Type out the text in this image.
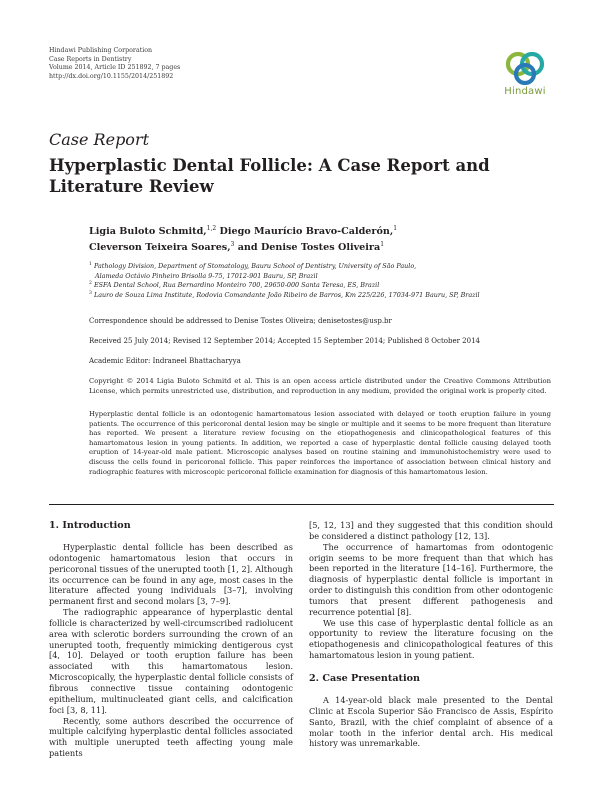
Hindawi Publishing Corporation
Case Reports in Dentistry
Volume 2014, Article ID 251892, 7 pages
http://dx.doi.org/10.1155/2014/251892
Hindawi
Case Report
Hyperplastic Dental Follicle: A Case Report and
Literature Review
Ligia Buloto Schmitd,$^{1,2}$ Diego Maurício Bravo-Calderón,$^1$
Cleverson Teixeira Soares,$^3$ and Denise Tostes Oliveira$^1$
$^1$ Pathology Division, Department of Stomatology, Bauru School of Dentistry, University of São Paulo,
Alameda Octávio Pinheiro Brisolla 9-75, 17012-901 Bauru, SP, Brazil
$^2$ ESFA Dental School, Rua Bernardino Monteiro 700, 29650-000 Santa Teresa, ES, Brazil
$^3$ Lauro de Souza Lima Institute, Rodovia Comandante João Ribeiro de Barros, Km 225/226, 17034-971 Bauru, SP, Brazil
Correspondence should be addressed to Denise Tostes Oliveira; denisetostes@usp.br
Received 25 July 2014; Revised 12 September 2014; Accepted 15 September 2014; Published 8 October 2014
Academic Editor: Indraneel Bhattacharyya
Copyright © 2014 Ligia Buloto Schmitd et al. This is an open access article distributed under the Creative Commons Attribution License, which permits unrestricted use, distribution, and reproduction in any medium, provided the original work is properly cited.
Hyperplastic dental follicle is an odontogenic hamartomatous lesion associated with delayed or tooth eruption failure in young patients. The occurrence of this pericoronal dental lesion may be single or multiple and it seems to be more frequent than literature has reported. We present a literature review focusing on the etiopathogenesis and clinicopathological features of this hamartomatous lesion in young patients. In addition, we reported a case of hyperplastic dental follicle causing delayed tooth eruption of 14-year-old male patient. Microscopic analyses based on routine staining and immunohistochemistry were used to discuss the cells found in pericoronal follicle. This paper reinforces the importance of association between clinical history and radiographic features with microscopic pericoronal follicle examination for diagnosis of this hamartomatous lesion.
1. Introduction

Hyperplastic dental follicle has been described as odontogenic hamartomatous lesion that occurs in pericoronal tissues of the unerupted tooth [1, 2]. Although its occurrence can be found in any age, most cases in the literature affected young individuals [3–7], involving permanent first and second molars [3, 7–9].

The radiographic appearance of hyperplastic dental follicle is characterized by well-circumscribed radiolucent area with sclerotic borders surrounding the crown of an unerupted tooth, frequently mimicking dentigerous cyst [4, 10]. Delayed or tooth eruption failure has been associated with this hamartomatous lesion. Microscopically, the hyperplastic dental follicle consists of fibrous connective tissue containing odontogenic epithelium, multinucleated giant cells, and calcification foci [3, 8, 11].

Recently, some authors described the occurrence of multiple calcifying hyperplastic dental follicles associated with multiple unerupted teeth affecting young male patients

[5, 12, 13] and they suggested that this condition should be considered a distinct pathology [12, 13].

The occurrence of hamartomas from odontogenic origin seems to be more frequent than that which has been reported in the literature [14–16]. Furthermore, the diagnosis of hyperplastic dental follicle is important in order to distinguish this condition from other odontogenic tumors that present different pathogenesis and recurrence potential [8].

We use this case of hyperplastic dental follicle as an opportunity to review the literature focusing on the etiopathogenesis and clinicopathological features of this hamartomatous lesion in young patient.

2. Case Presentation

A 14-year-old black male presented to the Dental Clinic at Escola Superior São Francisco de Assis, Espírito Santo, Brazil, with the chief complaint of absence of a molar tooth in the inferior dental arch. His medical history was unremarkable.
